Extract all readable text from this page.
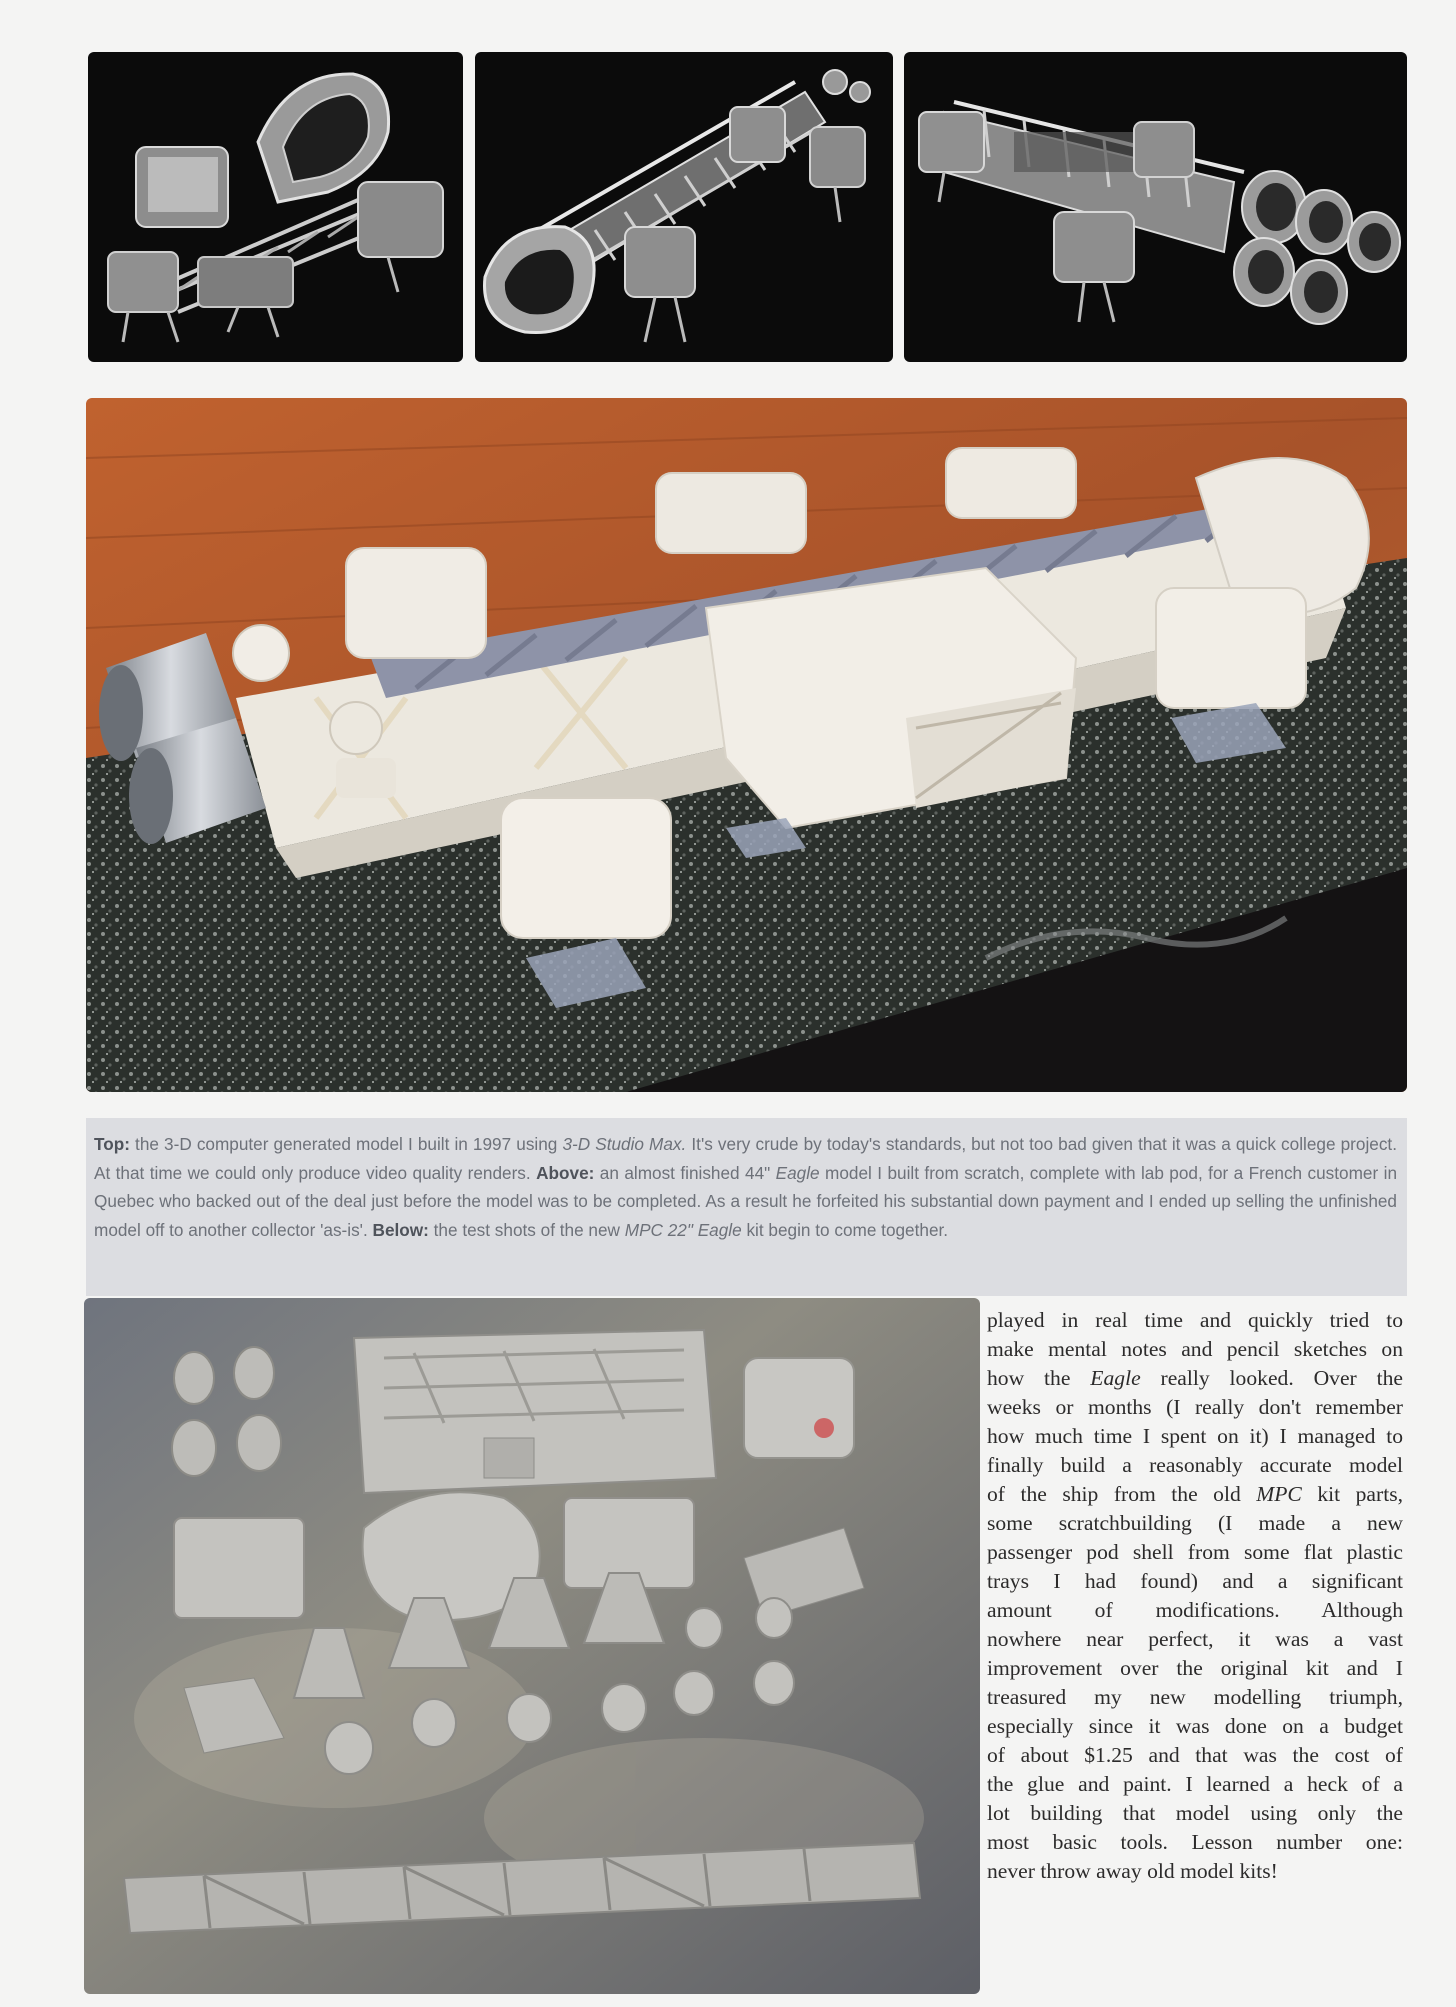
Top: the 3-D computer generated model I built in 1997 using 3-D Studio Max. It's very crude by today's standards, but not too bad given that it was a quick college project. At that time we could only produce video quality renders. Above: an almost finished 44" Eagle model I built from scratch, complete with lab pod, for a French customer in Quebec who backed out of the deal just before the model was to be completed. As a result he forfeited his substantial down payment and I ended up selling the unfinished model off to another collector 'as-is'. Below: the test shots of the new MPC 22" Eagle kit begin to come together.
played in real time and quickly tried to
make mental notes and pencil sketches on
how the Eagle really looked. Over the
weeks or months (I really don't remember
how much time I spent on it) I managed to
finally build a reasonably accurate model
of the ship from the old MPC kit parts,
some scratchbuilding (I made a new
passenger pod shell from some flat plastic
trays I had found) and a significant
amount of modifications. Although
nowhere near perfect, it was a vast
improvement over the original kit and I
treasured my new modelling triumph,
especially since it was done on a budget
of about $1.25 and that was the cost of
the glue and paint. I learned a heck of a
lot building that model using only the
most basic tools. Lesson number one:
never throw away old model kits!
